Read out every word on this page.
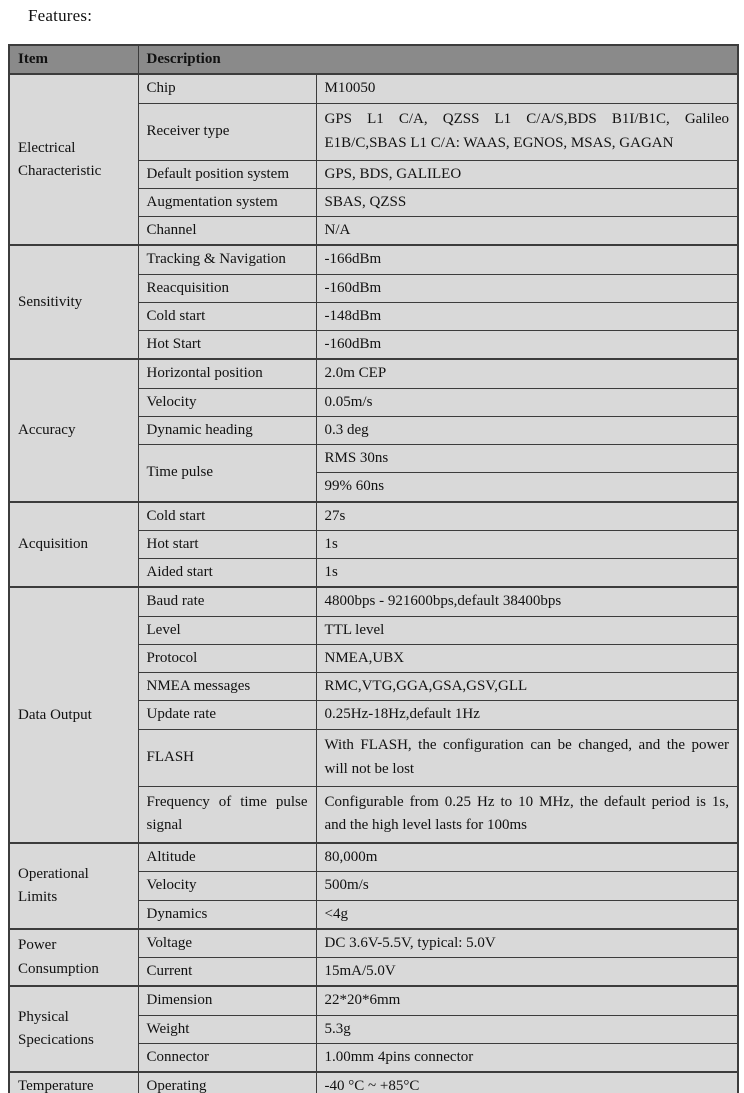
Features:
Item	Description	
Electrical Characteristic	Chip	M10050
	Receiver type	GPS L1 C/A, QZSS L1 C/A/S,BDS B1I/B1C, Galileo E1B/C,SBAS L1 C/A: WAAS, EGNOS, MSAS, GAGAN
	Default position system	GPS, BDS, GALILEO
	Augmentation system	SBAS, QZSS
	Channel	N/A
Sensitivity	Tracking & Navigation	-166dBm
	Reacquisition	-160dBm
	Cold start	-148dBm
	Hot Start	-160dBm
Accuracy	Horizontal position	2.0m CEP
	Velocity	0.05m/s
	Dynamic heading	0.3 deg
	Time pulse	RMS 30ns
		99% 60ns
Acquisition	Cold start	27s
	Hot start	1s
	Aided start	1s
Data Output	Baud rate	4800bps - 921600bps,default 38400bps
	Level	TTL level
	Protocol	NMEA,UBX
	NMEA messages	RMC,VTG,GGA,GSA,GSV,GLL
	Update rate	0.25Hz-18Hz,default 1Hz
	FLASH	With FLASH, the configuration can be changed, and the power will not be lost
	Frequency of time pulse signal	Configurable from 0.25 Hz to 10 MHz, the default period is 1s, and the high level lasts for 100ms
Operational Limits	Altitude	80,000m
	Velocity	500m/s
	Dynamics	<4g
Power Consumption	Voltage	DC 3.6V-5.5V, typical: 5.0V
	Current	15mA/5.0V
Physical Specications	Dimension	22*20*6mm
	Weight	5.3g
	Connector	1.00mm 4pins connector
Temperature	Operating	-40 °C ~ +85°C
